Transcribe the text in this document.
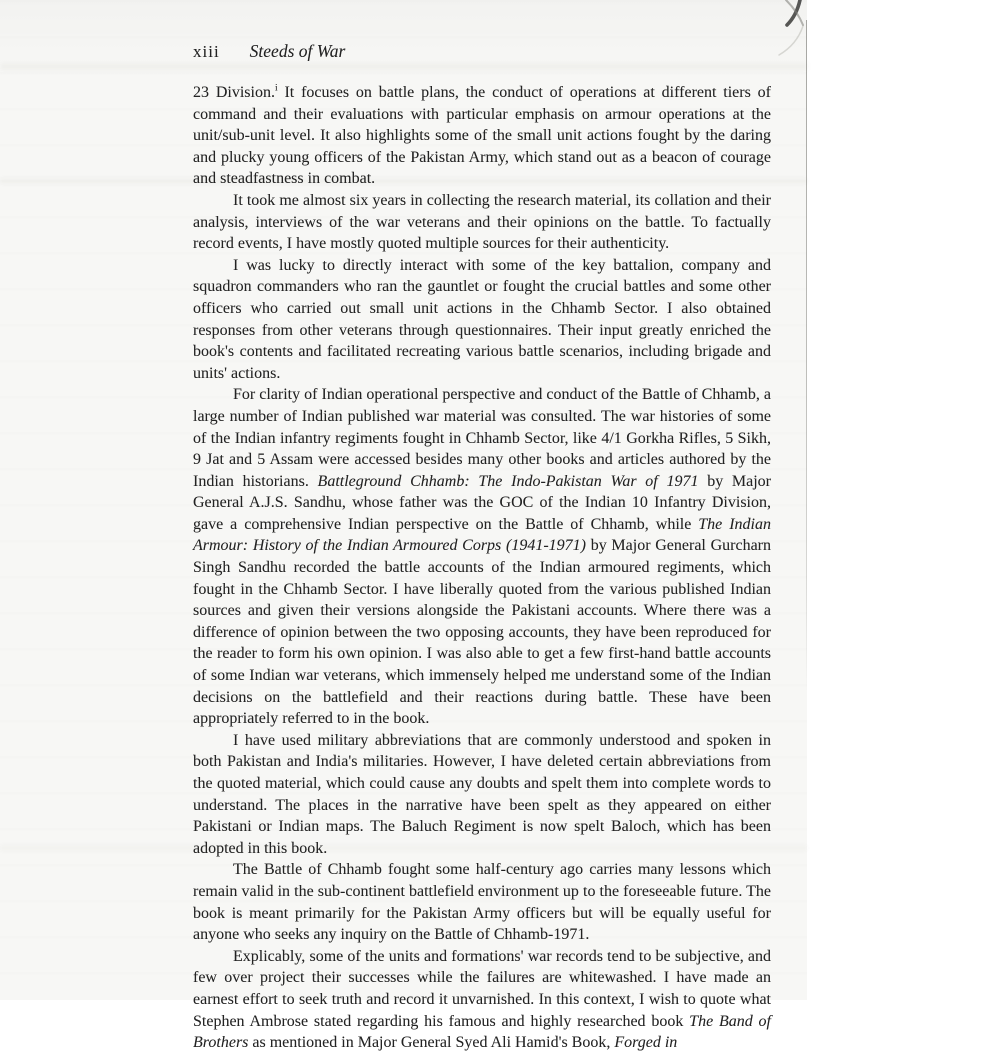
xiii Steeds of War

23 Division.$^i$ It focuses on battle plans, the conduct of operations at different tiers of command and their evaluations with particular emphasis on armour operations at the unit/sub-unit level. It also highlights some of the small unit actions fought by the daring and plucky young officers of the Pakistan Army, which stand out as a beacon of courage and steadfastness in combat.

It took me almost six years in collecting the research material, its collation and their analysis, interviews of the war veterans and their opinions on the battle. To factually record events, I have mostly quoted multiple sources for their authenticity.

I was lucky to directly interact with some of the key battalion, company and squadron commanders who ran the gauntlet or fought the crucial battles and some other officers who carried out small unit actions in the Chhamb Sector. I also obtained responses from other veterans through questionnaires. Their input greatly enriched the book's contents and facilitated recreating various battle scenarios, including brigade and units' actions.

For clarity of Indian operational perspective and conduct of the Battle of Chhamb, a large number of Indian published war material was consulted. The war histories of some of the Indian infantry regiments fought in Chhamb Sector, like 4/1 Gorkha Rifles, 5 Sikh, 9 Jat and 5 Assam were accessed besides many other books and articles authored by the Indian historians. Battleground Chhamb: The Indo-Pakistan War of 1971 by Major General A.J.S. Sandhu, whose father was the GOC of the Indian 10 Infantry Division, gave a comprehensive Indian perspective on the Battle of Chhamb, while The Indian Armour: History of the Indian Armoured Corps (1941-1971) by Major General Gurcharn Singh Sandhu recorded the battle accounts of the Indian armoured regiments, which fought in the Chhamb Sector. I have liberally quoted from the various published Indian sources and given their versions alongside the Pakistani accounts. Where there was a difference of opinion between the two opposing accounts, they have been reproduced for the reader to form his own opinion. I was also able to get a few first-hand battle accounts of some Indian war veterans, which immensely helped me understand some of the Indian decisions on the battlefield and their reactions during battle. These have been appropriately referred to in the book.

I have used military abbreviations that are commonly understood and spoken in both Pakistan and India's militaries. However, I have deleted certain abbreviations from the quoted material, which could cause any doubts and spelt them into complete words to understand. The places in the narrative have been spelt as they appeared on either Pakistani or Indian maps. The Baluch Regiment is now spelt Baloch, which has been adopted in this book.

The Battle of Chhamb fought some half-century ago carries many lessons which remain valid in the sub-continent battlefield environment up to the foreseeable future. The book is meant primarily for the Pakistan Army officers but will be equally useful for anyone who seeks any inquiry on the Battle of Chhamb-1971.

Explicably, some of the units and formations' war records tend to be subjective, and few over project their successes while the failures are whitewashed. I have made an earnest effort to seek truth and record it unvarnished. In this context, I wish to quote what Stephen Ambrose stated regarding his famous and highly researched book The Band of Brothers as mentioned in Major General Syed Ali Hamid's Book, Forged in
